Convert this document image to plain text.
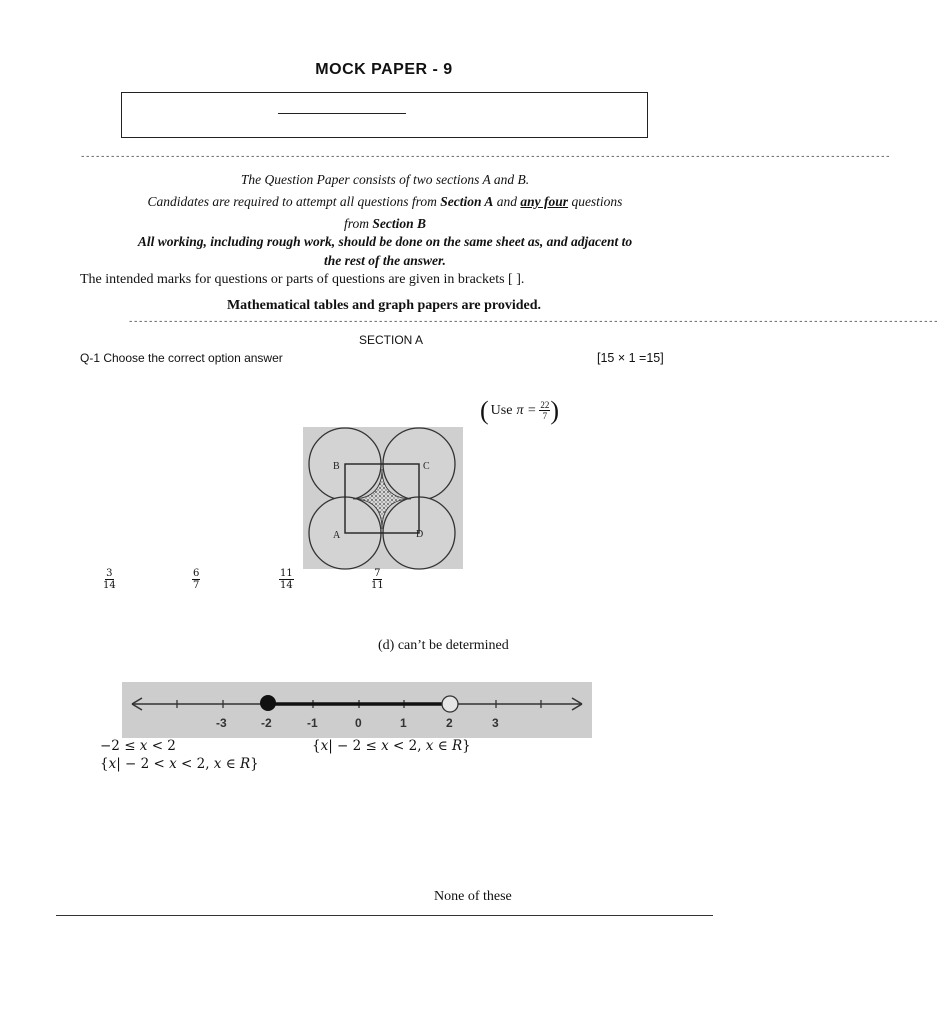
MOCK PAPER - 9
------------------------------------------------------------------------------------------------------------------------------------------------------------------
The Question Paper consists of two sections A and B.
Candidates are required to attempt all questions from Section A and any four questions
from Section B
All working, including rough work, should be done on the same sheet as, and adjacent to
the rest of the answer.
The intended marks for questions or parts of questions are given in brackets [ ].
Mathematical tables and graph papers are provided.
------------------------------------------------------------------------------------------------------------------------------------------------------------------
SECTION A
Q-1 Choose the correct option answer	[15 × 1 =15]
( Use $\pi = \frac{22}{7}$ )
B	C
A	D
$\frac{3}{14}$	$\frac{6}{7}$	$\frac{11}{14}$	$\frac{7}{11}$
(d) can’t be determined
-3	-2	-1	0	1	2	3
−2 ≤ 𝑥 < 2	{𝑥| − 2 ≤ 𝑥 < 2, 𝑥 ∈ 𝑅}
{𝑥| − 2 < 𝑥 < 2, 𝑥 ∈ 𝑅}
None of these
